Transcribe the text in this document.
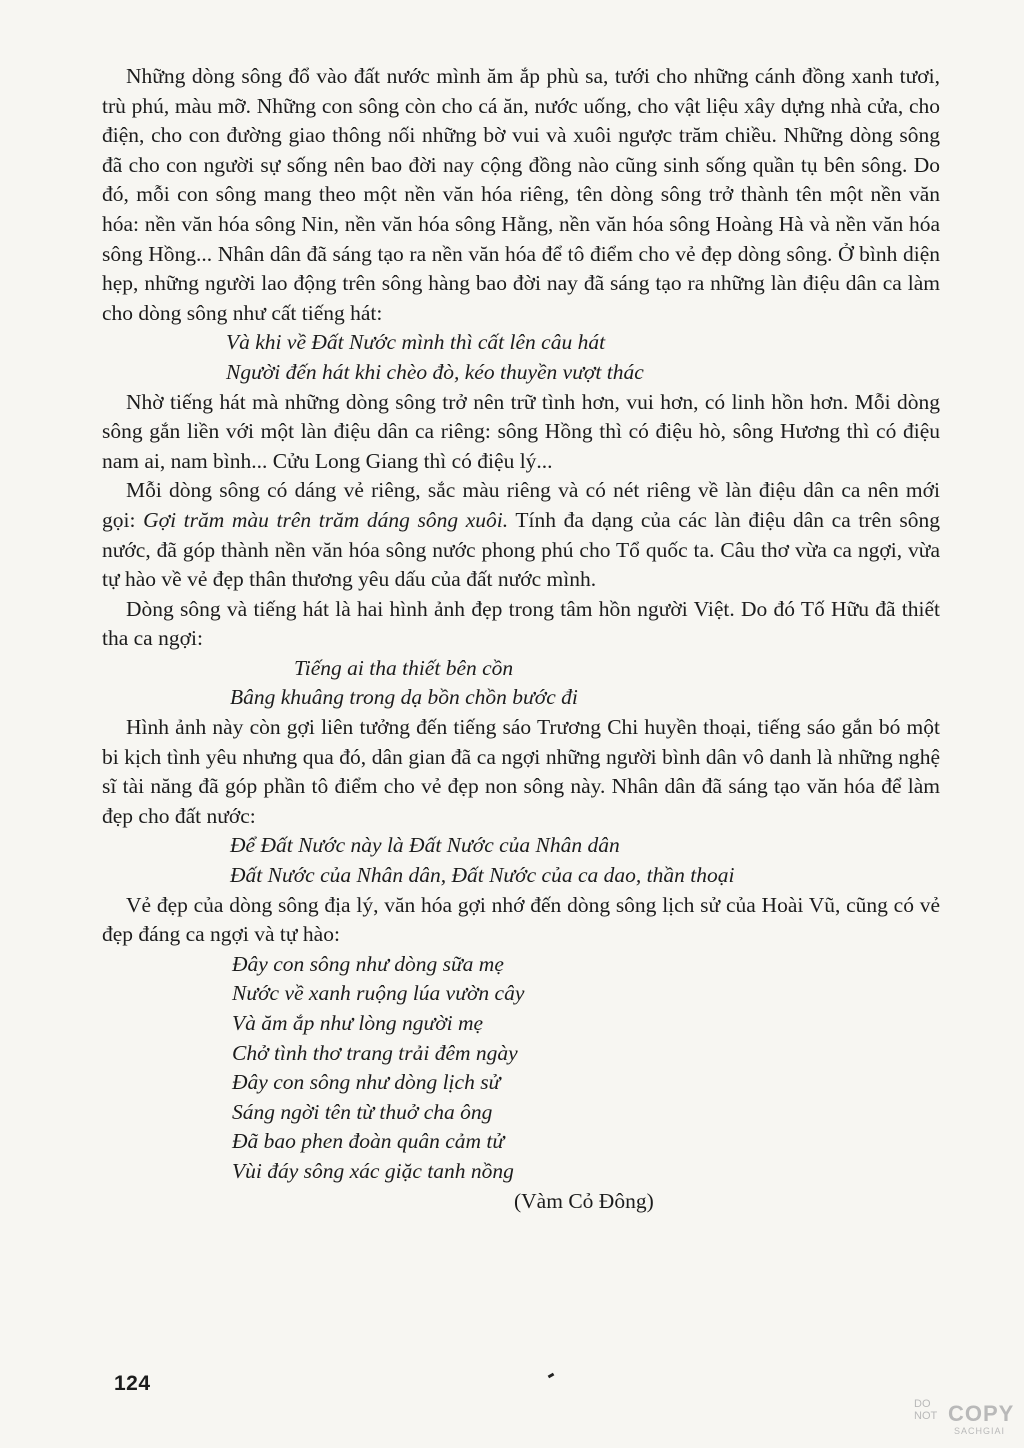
Những dòng sông đổ vào đất nước mình ăm ắp phù sa, tưới cho những cánh đồng xanh tươi, trù phú, màu mỡ. Những con sông còn cho cá ăn, nước uống, cho vật liệu xây dựng nhà cửa, cho điện, cho con đường giao thông nối những bờ vui và xuôi ngược trăm chiều. Những dòng sông đã cho con người sự sống nên bao đời nay cộng đồng nào cũng sinh sống quần tụ bên sông. Do đó, mỗi con sông mang theo một nền văn hóa riêng, tên dòng sông trở thành tên một nền văn hóa: nền văn hóa sông Nin, nền văn hóa sông Hằng, nền văn hóa sông Hoàng Hà và nền văn hóa sông Hồng... Nhân dân đã sáng tạo ra nền văn hóa để tô điểm cho vẻ đẹp dòng sông. Ở bình diện hẹp, những người lao động trên sông hàng bao đời nay đã sáng tạo ra những làn điệu dân ca làm cho dòng sông như cất tiếng hát:

Và khi về Đất Nước mình thì cất lên câu hát

Người đến hát khi chèo đò, kéo thuyền vượt thác

Nhờ tiếng hát mà những dòng sông trở nên trữ tình hơn, vui hơn, có linh hồn hơn. Mỗi dòng sông gắn liền với một làn điệu dân ca riêng: sông Hồng thì có điệu hò, sông Hương thì có điệu nam ai, nam bình... Cửu Long Giang thì có điệu lý...

Mỗi dòng sông có dáng vẻ riêng, sắc màu riêng và có nét riêng về làn điệu dân ca nên mới gọi: Gợi trăm màu trên trăm dáng sông xuôi. Tính đa dạng của các làn điệu dân ca trên sông nước, đã góp thành nền văn hóa sông nước phong phú cho Tổ quốc ta. Câu thơ vừa ca ngợi, vừa tự hào về vẻ đẹp thân thương yêu dấu của đất nước mình.

Dòng sông và tiếng hát là hai hình ảnh đẹp trong tâm hồn người Việt. Do đó Tố Hữu đã thiết tha ca ngợi:

Tiếng ai tha thiết bên cồn

Bâng khuâng trong dạ bồn chồn bước đi

Hình ảnh này còn gợi liên tưởng đến tiếng sáo Trương Chi huyền thoại, tiếng sáo gắn bó một bi kịch tình yêu nhưng qua đó, dân gian đã ca ngợi những người bình dân vô danh là những nghệ sĩ tài năng đã góp phần tô điểm cho vẻ đẹp non sông này. Nhân dân đã sáng tạo văn hóa để làm đẹp cho đất nước:

Để Đất Nước này là Đất Nước của Nhân dân

Đất Nước của Nhân dân, Đất Nước của ca dao, thần thoại

Vẻ đẹp của dòng sông địa lý, văn hóa gợi nhớ đến dòng sông lịch sử của Hoài Vũ, cũng có vẻ đẹp đáng ca ngợi và tự hào:

Đây con sông như dòng sữa mẹ

Nước về xanh ruộng lúa vườn cây

Và ăm ắp như lòng người mẹ

Chở tình thơ trang trải đêm ngày

Đây con sông như dòng lịch sử

Sáng ngời tên từ thuở cha ông

Đã bao phen đoàn quân cảm tử

Vùi đáy sông xác giặc tanh nồng

(Vàm Cỏ Đông)

124
DO
NOT COPY
SACHGIAI
